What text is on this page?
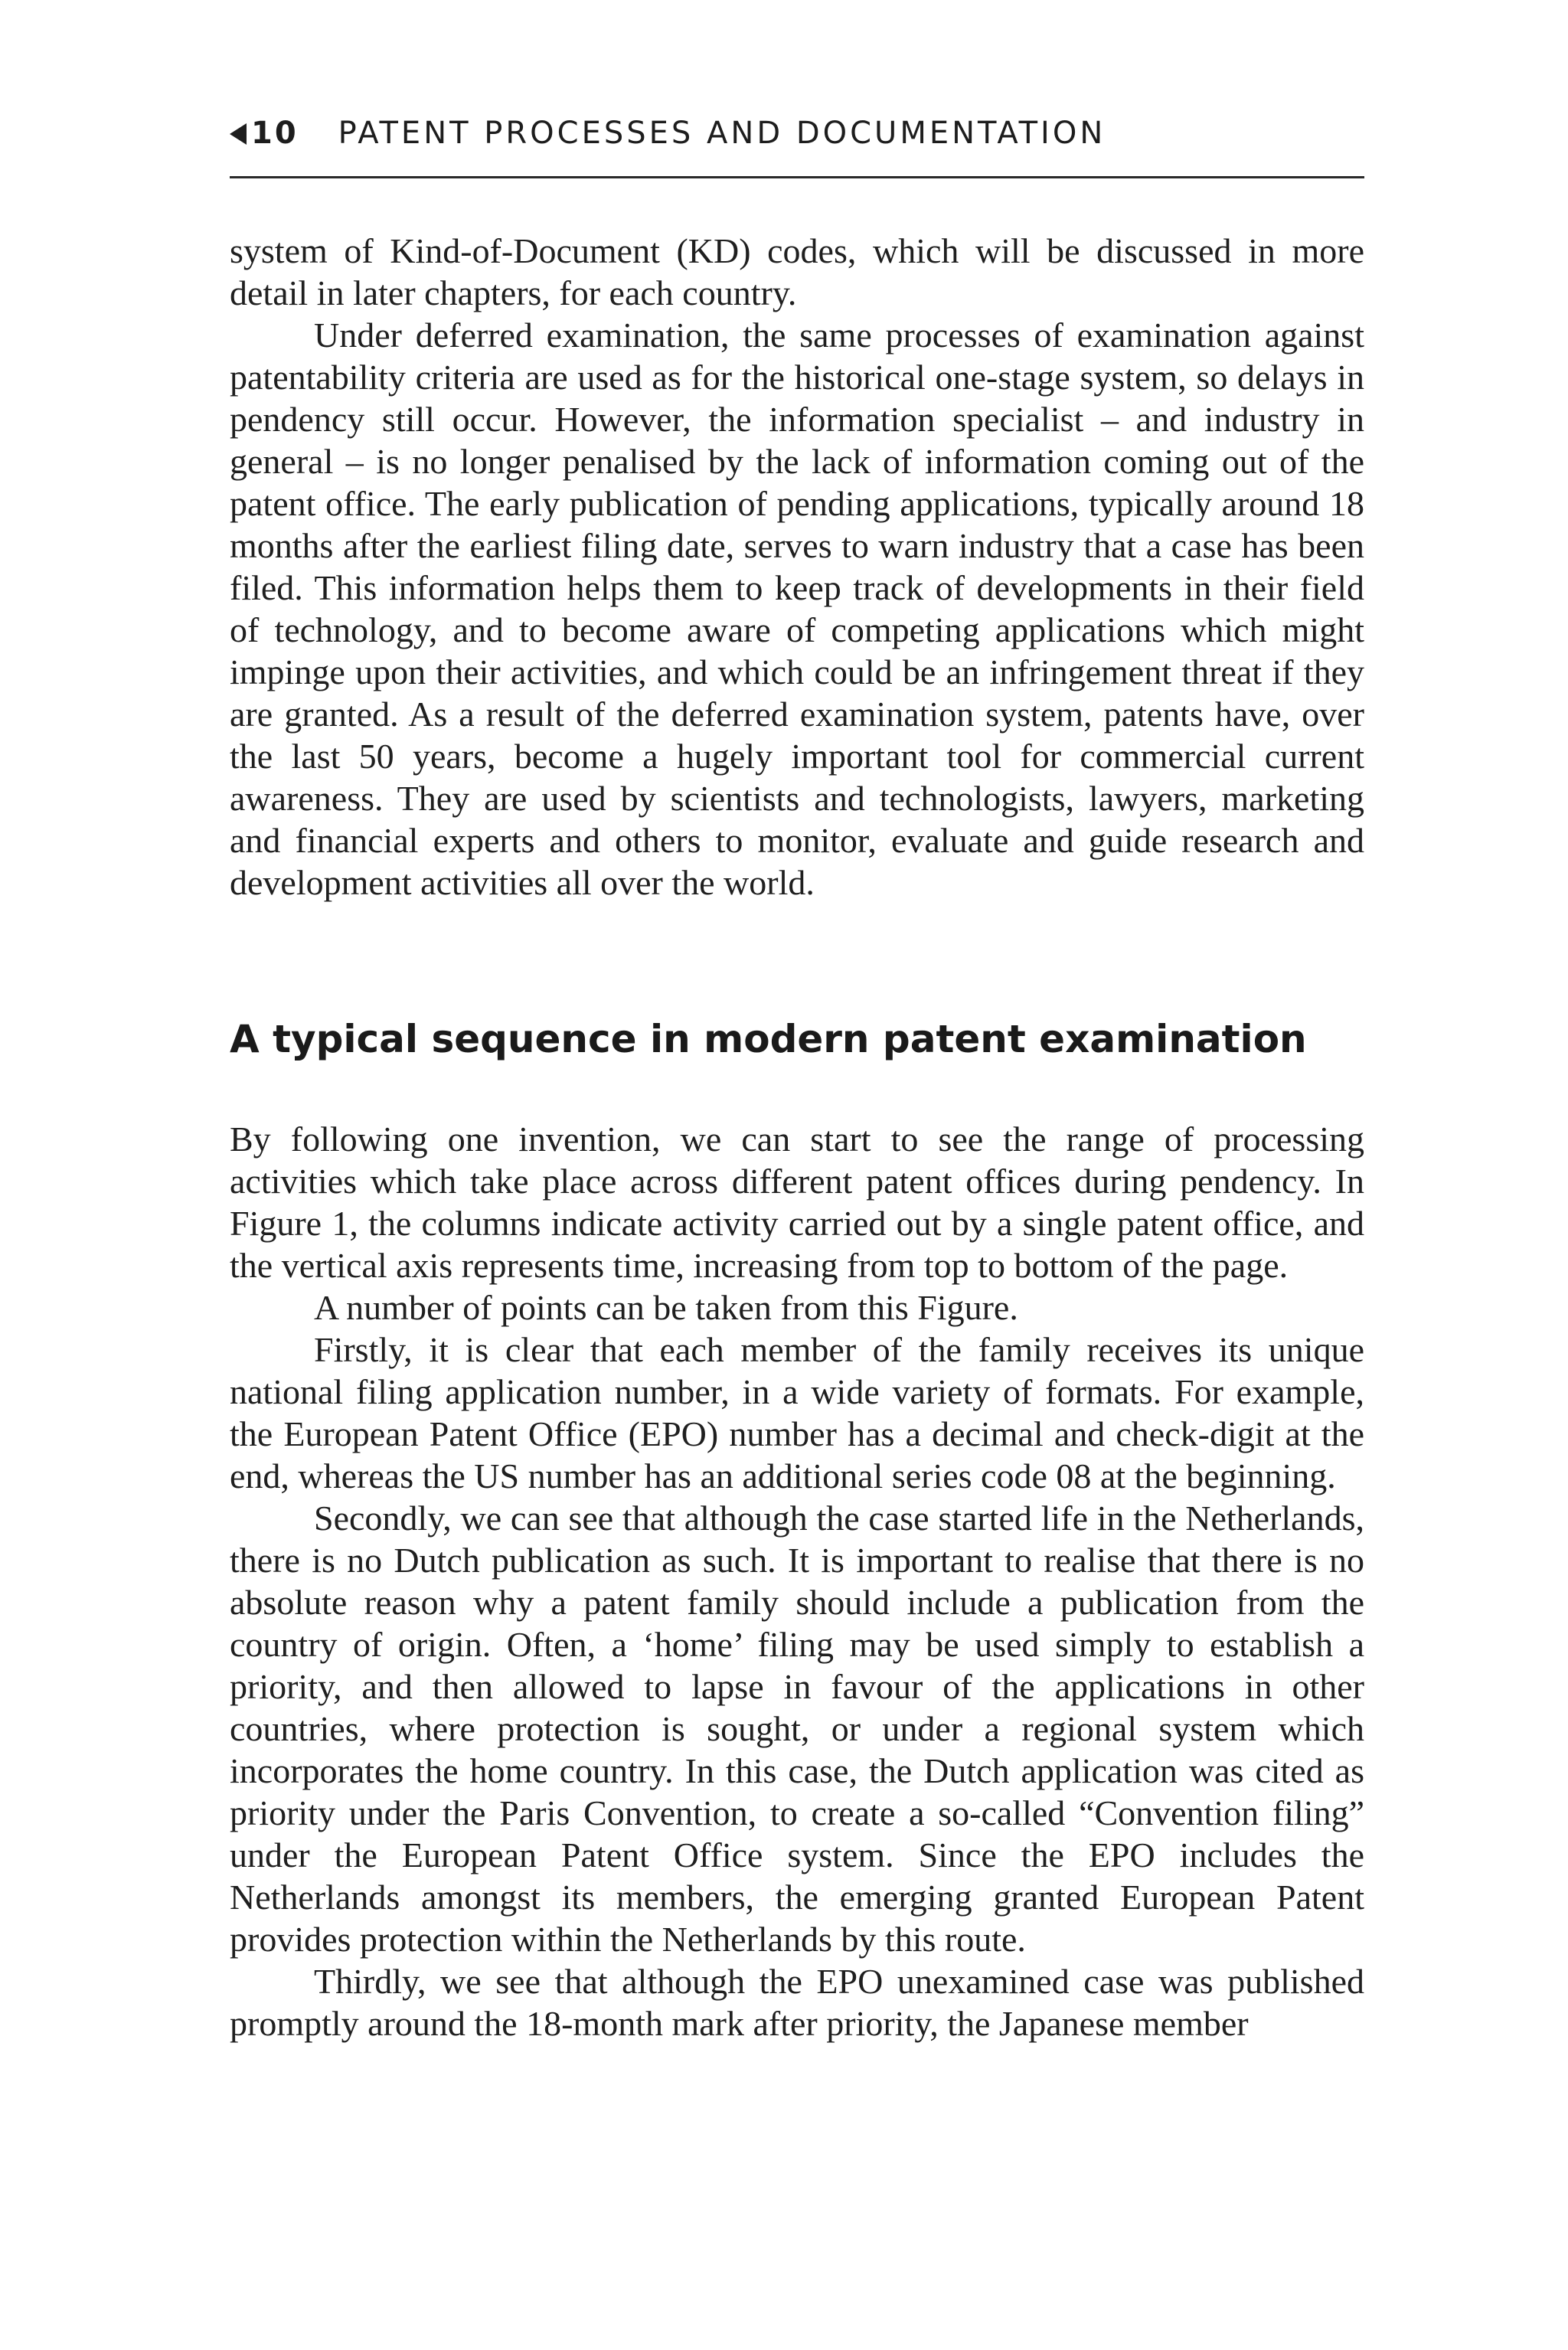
10 PATENT PROCESSES AND DOCUMENTATION

system of Kind-of-Document (KD) codes, which will be discussed in more detail in later chapters, for each country.

Under deferred examination, the same processes of examination against patentability criteria are used as for the historical one-stage system, so delays in pendency still occur. However, the information specialist – and industry in general – is no longer penalised by the lack of information coming out of the patent office. The early publication of pending applications, typically around 18 months after the earliest filing date, serves to warn industry that a case has been filed. This information helps them to keep track of developments in their field of technology, and to become aware of competing applications which might impinge upon their activities, and which could be an infringement threat if they are granted. As a result of the deferred examination system, patents have, over the last 50 years, become a hugely important tool for commercial current awareness. They are used by scientists and technologists, lawyers, marketing and financial experts and others to monitor, evaluate and guide research and development activities all over the world.

A typical sequence in modern patent examination

By following one invention, we can start to see the range of processing activities which take place across different patent offices during pendency. In Figure 1, the columns indicate activity carried out by a single patent office, and the vertical axis represents time, increasing from top to bottom of the page.

A number of points can be taken from this Figure.

Firstly, it is clear that each member of the family receives its unique national filing application number, in a wide variety of formats. For example, the European Patent Office (EPO) number has a decimal and check-digit at the end, whereas the US number has an additional series code 08 at the beginning.

Secondly, we can see that although the case started life in the Netherlands, there is no Dutch publication as such. It is important to realise that there is no absolute reason why a patent family should include a publication from the country of origin. Often, a ‘home’ filing may be used simply to establish a priority, and then allowed to lapse in favour of the applications in other countries, where protection is sought, or under a regional system which incorporates the home country. In this case, the Dutch application was cited as priority under the Paris Convention, to create a so-called “Convention filing” under the European Patent Office system. Since the EPO includes the Netherlands amongst its members, the emerging granted European Patent provides protection within the Netherlands by this route.

Thirdly, we see that although the EPO unexamined case was published promptly around the 18-month mark after priority, the Japanese member
